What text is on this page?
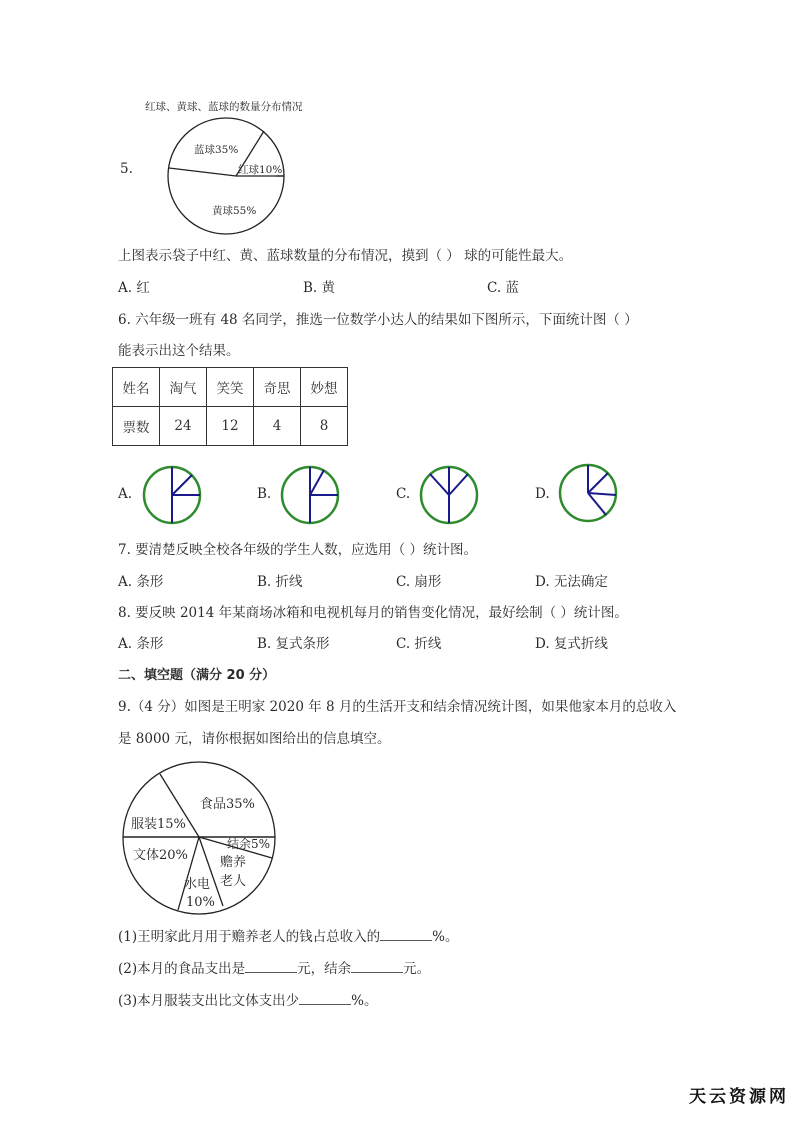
红球、黄球、蓝球的数量分布情况
5.
蓝球35%
红球10%
黄球55%
上图表示袋子中红、黄、蓝球数量的分布情况，摸到（ ） 球的可能性最大。
A. 红	B. 黄	C. 蓝
6. 六年级一班有 48 名同学，推选一位数学小达人的结果如下图所示，下面统计图（ ）
能表示出这个结果。
姓名	淘气	笑笑	奇思	妙想
票数	24	12	4	8
A.	B.	C.	D.
7. 要清楚反映全校各年级的学生人数，应选用（ ）统计图。
A. 条形	B. 折线	C. 扇形	D. 无法确定
8. 要反映 2014 年某商场冰箱和电视机每月的销售变化情况，最好绘制（ ）统计图。
A. 条形	B. 复式条形	C. 折线	D. 复式折线
二、填空题（满分 20 分）
9.（4 分）如图是王明家 2020 年 8 月的生活开支和结余情况统计图，如果他家本月的总收入
是 8000 元，请你根据如图给出的信息填空。
食品35%
服装15%
结余5%
文体20% 赡养
老人
水电
10%
(1)王明家此月用于赡养老人的钱占总收入的	%。
(2)本月的食品支出是	元，结余	元。
(3)本月服装支出比文体支出少	%。
天云资源网
